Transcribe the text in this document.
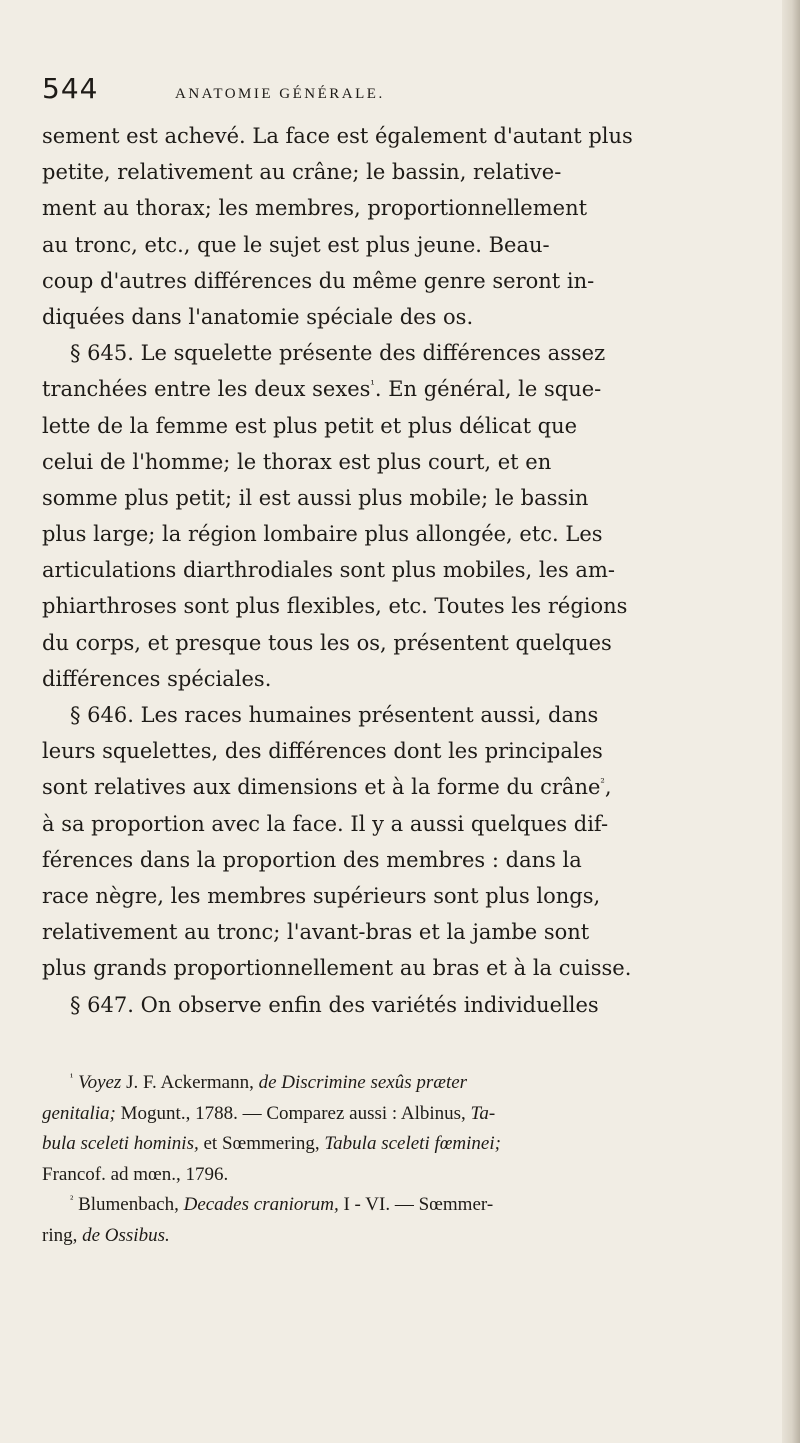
544	ANATOMIE GÉNÉRALE.
sement est achevé. La face est également d'autant plus
petite, relativement au crâne; le bassin, relative-
ment au thorax; les membres, proportionnellement
au tronc, etc., que le sujet est plus jeune. Beau-
coup d'autres différences du même genre seront in-
diquées dans l'anatomie spéciale des os.
§ 645. Le squelette présente des différences assez
tranchées entre les deux sexes$^{^1}$. En général, le sque-
lette de la femme est plus petit et plus délicat que
celui de l'homme; le thorax est plus court, et en
somme plus petit; il est aussi plus mobile; le bassin
plus large; la région lombaire plus allongée, etc. Les
articulations diarthrodiales sont plus mobiles, les am-
phiarthroses sont plus flexibles, etc. Toutes les régions
du corps, et presque tous les os, présentent quelques
différences spéciales.
§ 646. Les races humaines présentent aussi, dans
leurs squelettes, des différences dont les principales
sont relatives aux dimensions et à la forme du crâne$^{^2}$,
à sa proportion avec la face. Il y a aussi quelques dif-
férences dans la proportion des membres : dans la
race nègre, les membres supérieurs sont plus longs,
relativement au tronc; l'avant-bras et la jambe sont
plus grands proportionnellement au bras et à la cuisse.
§ 647. On observe enfin des variétés individuelles
$^{^1}$ Voyez J. F. Ackermann, de Discrimine sexûs præter
genitalia; Mogunt., 1788. — Comparez aussi : Albinus, Ta-
bula sceleti hominis, et Sœmmering, Tabula sceleti fœminei;
Francof. ad mœn., 1796.
$^{^2}$ Blumenbach, Decades craniorum, I - VI. — Sœmmer-
ring, de Ossibus.
